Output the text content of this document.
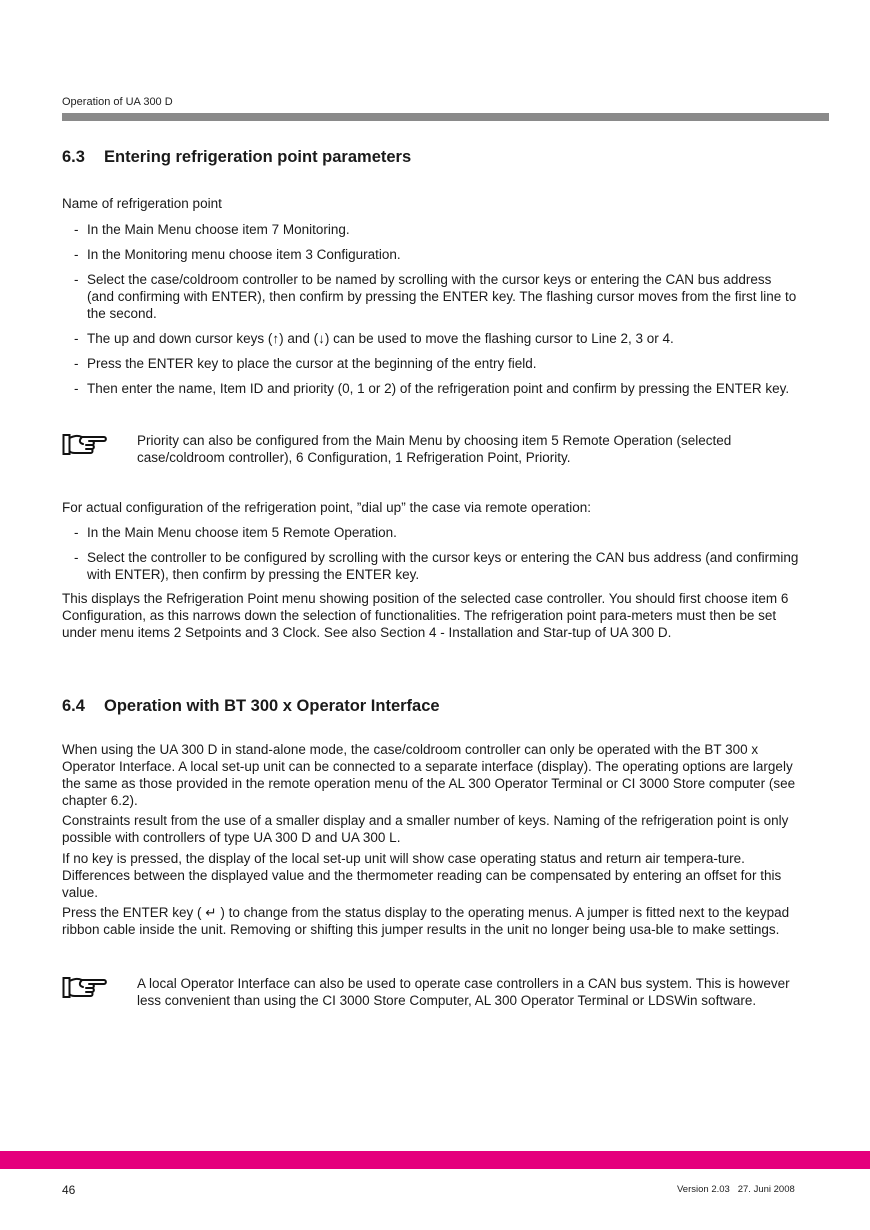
Operation of UA 300 D
6.3 Entering refrigeration point parameters
Name of refrigeration point
- In the Main Menu choose item 7 Monitoring.
- In the Monitoring menu choose item 3 Configuration.
- Select the case/coldroom controller to be named by scrolling with the cursor keys or entering the CAN bus address (and confirming with ENTER), then confirm by pressing the ENTER key. The flashing cursor moves from the first line to the second.
- The up and down cursor keys (↑) and (↓) can be used to move the flashing cursor to Line 2, 3 or 4.
- Press the ENTER key to place the cursor at the beginning of the entry field.
- Then enter the name, Item ID and priority (0, 1 or 2) of the refrigeration point and confirm by pressing the ENTER key.
Priority can also be configured from the Main Menu by choosing item 5 Remote Operation (selected case/coldroom controller), 6 Configuration, 1 Refrigeration Point, Priority.
For actual configuration of the refrigeration point, ”dial up” the case via remote operation:
- In the Main Menu choose item 5 Remote Operation.
- Select the controller to be configured by scrolling with the cursor keys or entering the CAN bus address (and confirming with ENTER), then confirm by pressing the ENTER key.
This displays the Refrigeration Point menu showing position of the selected case controller. You should first choose item 6 Configuration, as this narrows down the selection of functionalities. The refrigeration point para-meters must then be set under menu items 2 Setpoints and 3 Clock. See also Section 4 - Installation and Star-tup of UA 300 D.
6.4 Operation with BT 300 x Operator Interface
When using the UA 300 D in stand-alone mode, the case/coldroom controller can only be operated with the BT 300 x Operator Interface. A local set-up unit can be connected to a separate interface (display). The operating options are largely the same as those provided in the remote operation menu of the AL 300 Operator Terminal or CI 3000 Store computer (see chapter 6.2).
Constraints result from the use of a smaller display and a smaller number of keys. Naming of the refrigeration point is only possible with controllers of type UA 300 D and UA 300 L.
If no key is pressed, the display of the local set-up unit will show case operating status and return air tempera-ture. Differences between the displayed value and the thermometer reading can be compensated by entering an offset for this value.
Press the ENTER key ( ↵ ) to change from the status display to the operating menus. A jumper is fitted next to the keypad ribbon cable inside the unit. Removing or shifting this jumper results in the unit no longer being usa-ble to make settings.
A local Operator Interface can also be used to operate case controllers in a CAN bus system. This is however less convenient than using the CI 3000 Store Computer, AL 300 Operator Terminal or LDSWin software.
46	Version 2.03   27. Juni 2008
